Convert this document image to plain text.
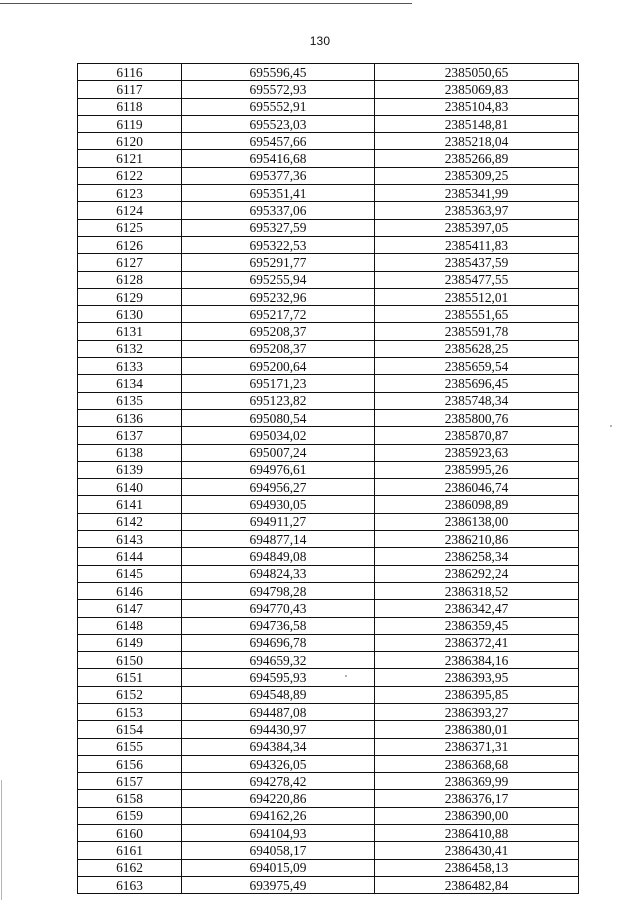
130
6116	695596,45	2385050,65
6117	695572,93	2385069,83
6118	695552,91	2385104,83
6119	695523,03	2385148,81
6120	695457,66	2385218,04
6121	695416,68	2385266,89
6122	695377,36	2385309,25
6123	695351,41	2385341,99
6124	695337,06	2385363,97
6125	695327,59	2385397,05
6126	695322,53	2385411,83
6127	695291,77	2385437,59
6128	695255,94	2385477,55
6129	695232,96	2385512,01
6130	695217,72	2385551,65
6131	695208,37	2385591,78
6132	695208,37	2385628,25
6133	695200,64	2385659,54
6134	695171,23	2385696,45
6135	695123,82	2385748,34
6136	695080,54	2385800,76
6137	695034,02	2385870,87
6138	695007,24	2385923,63
6139	694976,61	2385995,26
6140	694956,27	2386046,74
6141	694930,05	2386098,89
6142	694911,27	2386138,00
6143	694877,14	2386210,86
6144	694849,08	2386258,34
6145	694824,33	2386292,24
6146	694798,28	2386318,52
6147	694770,43	2386342,47
6148	694736,58	2386359,45
6149	694696,78	2386372,41
6150	694659,32	2386384,16
6151	694595,93	2386393,95
6152	694548,89	2386395,85
6153	694487,08	2386393,27
6154	694430,97	2386380,01
6155	694384,34	2386371,31
6156	694326,05	2386368,68
6157	694278,42	2386369,99
6158	694220,86	2386376,17
6159	694162,26	2386390,00
6160	694104,93	2386410,88
6161	694058,17	2386430,41
6162	694015,09	2386458,13
6163	693975,49	2386482,84
